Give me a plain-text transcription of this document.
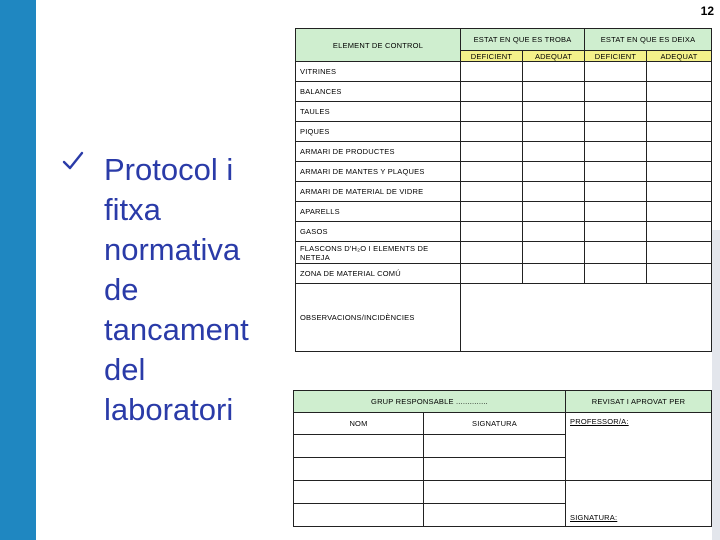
12
Protocol i
fitxa
normativa
de
tancament
del
laboratori
ELEMENT DE CONTROL	ESTAT EN QUE ES TROBA		ESTAT EN QUE ES DEIXA	
	DEFICIENT	ADEQUAT	DEFICIENT	ADEQUAT
VITRINES				
BALANCES				
TAULES				
PIQUES				
ARMARI DE PRODUCTES				
ARMARI DE MANTES Y PLAQUES				
ARMARI DE MATERIAL DE VIDRE				
APARELLS				
GASOS				
FLASCONS D'H₂O I ELEMENTS DE NETEJA				
ZONA DE MATERIAL COMÚ				
OBSERVACIONS/INCIDÈNCIES				
GRUP RESPONSABLE ..............		REVISAT I APROVAT PER
NOM	SIGNATURA	PROFESSOR/A:

		SIGNATURA:
